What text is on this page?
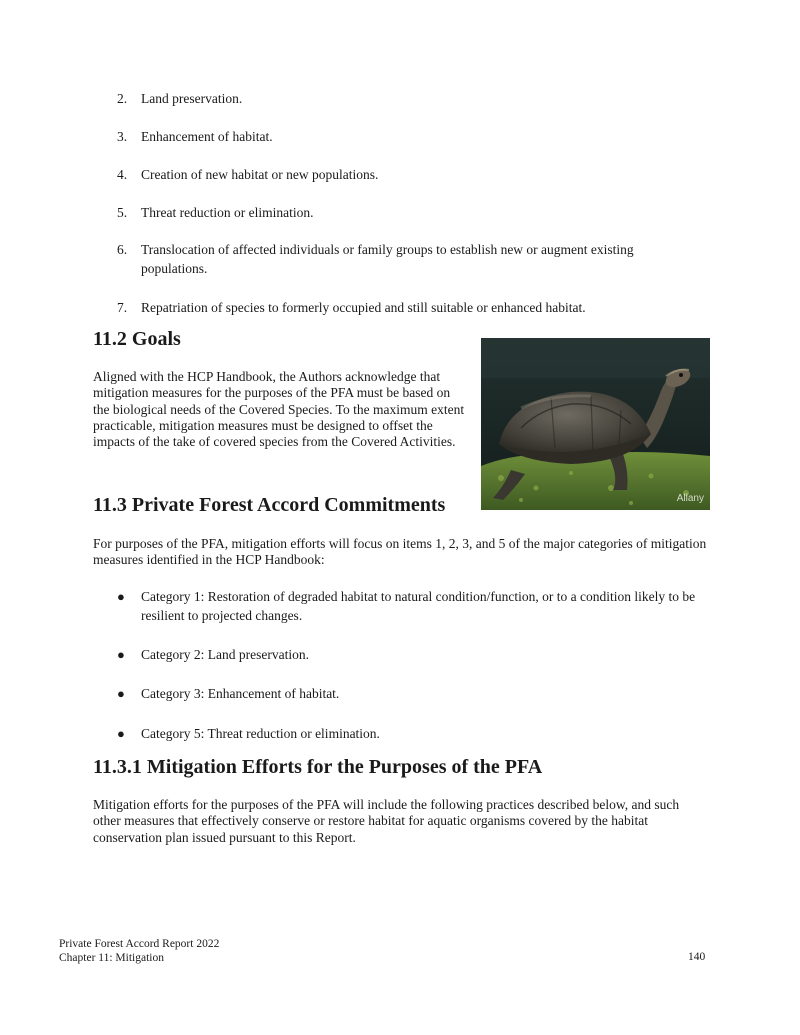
2.	Land preservation.
3.	Enhancement of habitat.
4.	Creation of new habitat or new populations.
5.	Threat reduction or elimination.
6.	Translocation of affected individuals or family groups to establish new or augment existing populations.
7.	Repatriation of species to formerly occupied and still suitable or enhanced habitat.
11.2 Goals

Aligned with the HCP Handbook, the Authors acknowledge that mitigation measures for the purposes of the PFA must be based on the biological needs of the Covered Species. To the maximum extent practicable, mitigation measures must be designed to offset the impacts of the take of covered species from the Covered Activities.

Allany
11.3 Private Forest Accord Commitments

For purposes of the PFA, mitigation efforts will focus on items 1, 2, 3, and 5 of the major categories of mitigation measures identified in the HCP Handbook:

● Category 1: Restoration of degraded habitat to natural condition/function, or to a condition likely to be resilient to projected changes.
● Category 2: Land preservation.
● Category 3: Enhancement of habitat.
● Category 5: Threat reduction or elimination.
11.3.1 Mitigation Efforts for the Purposes of the PFA

Mitigation efforts for the purposes of the PFA will include the following practices described below, and such other measures that effectively conserve or restore habitat for aquatic organisms covered by the habitat conservation plan issued pursuant to this Report.

Private Forest Accord Report 2022
Chapter 11: Mitigation	140
